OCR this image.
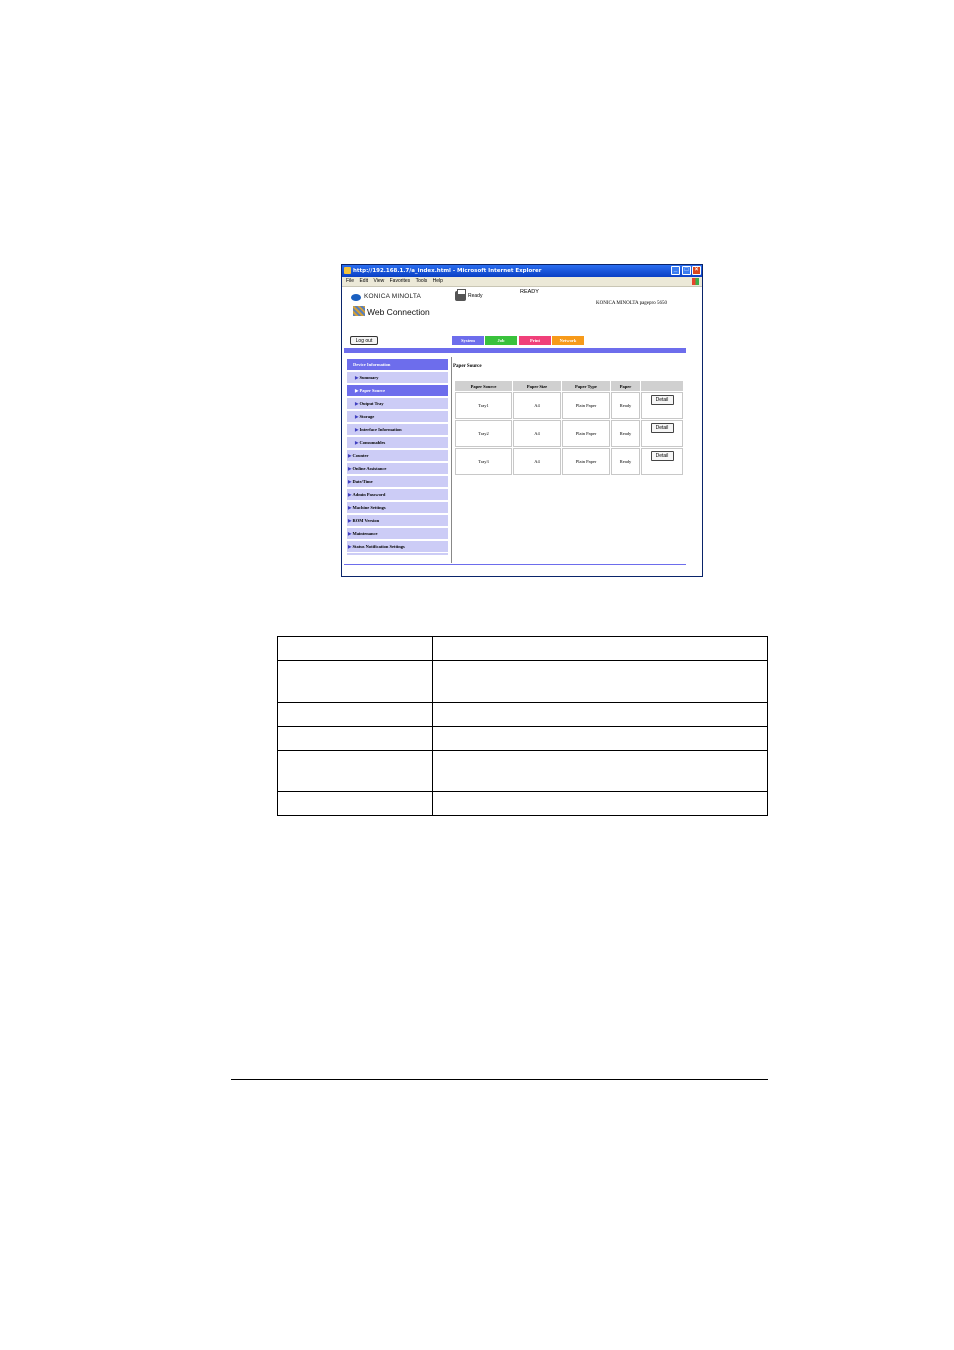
http://192.168.1.7/a_index.html - Microsoft Internet Explorer	_	□	×
File Edit View Favorites Tools Help
KONICA MINOLTA
Web Connection
Ready
READY
KONICA MINOLTA pagepro 5650
Log out	System	Job	Print	Network
Device Information
▶Summary
▶Paper Source
▶Output Tray
▶Storage
▶Interface Information
▶Consumables
▶Counter
▶Online Assistance
▶Date/Time
▶Admin Password
▶Machine Settings
▶ROM Version
▶Maintenance
▶Status Notification Settings
Paper Source
Paper Source	Paper Size	Paper Type	Paper	
Tray1	A4	Plain Paper	Ready	Detail
Tray2	A4	Plain Paper	Ready	Detail
Tray3	A4	Plain Paper	Ready	Detail
